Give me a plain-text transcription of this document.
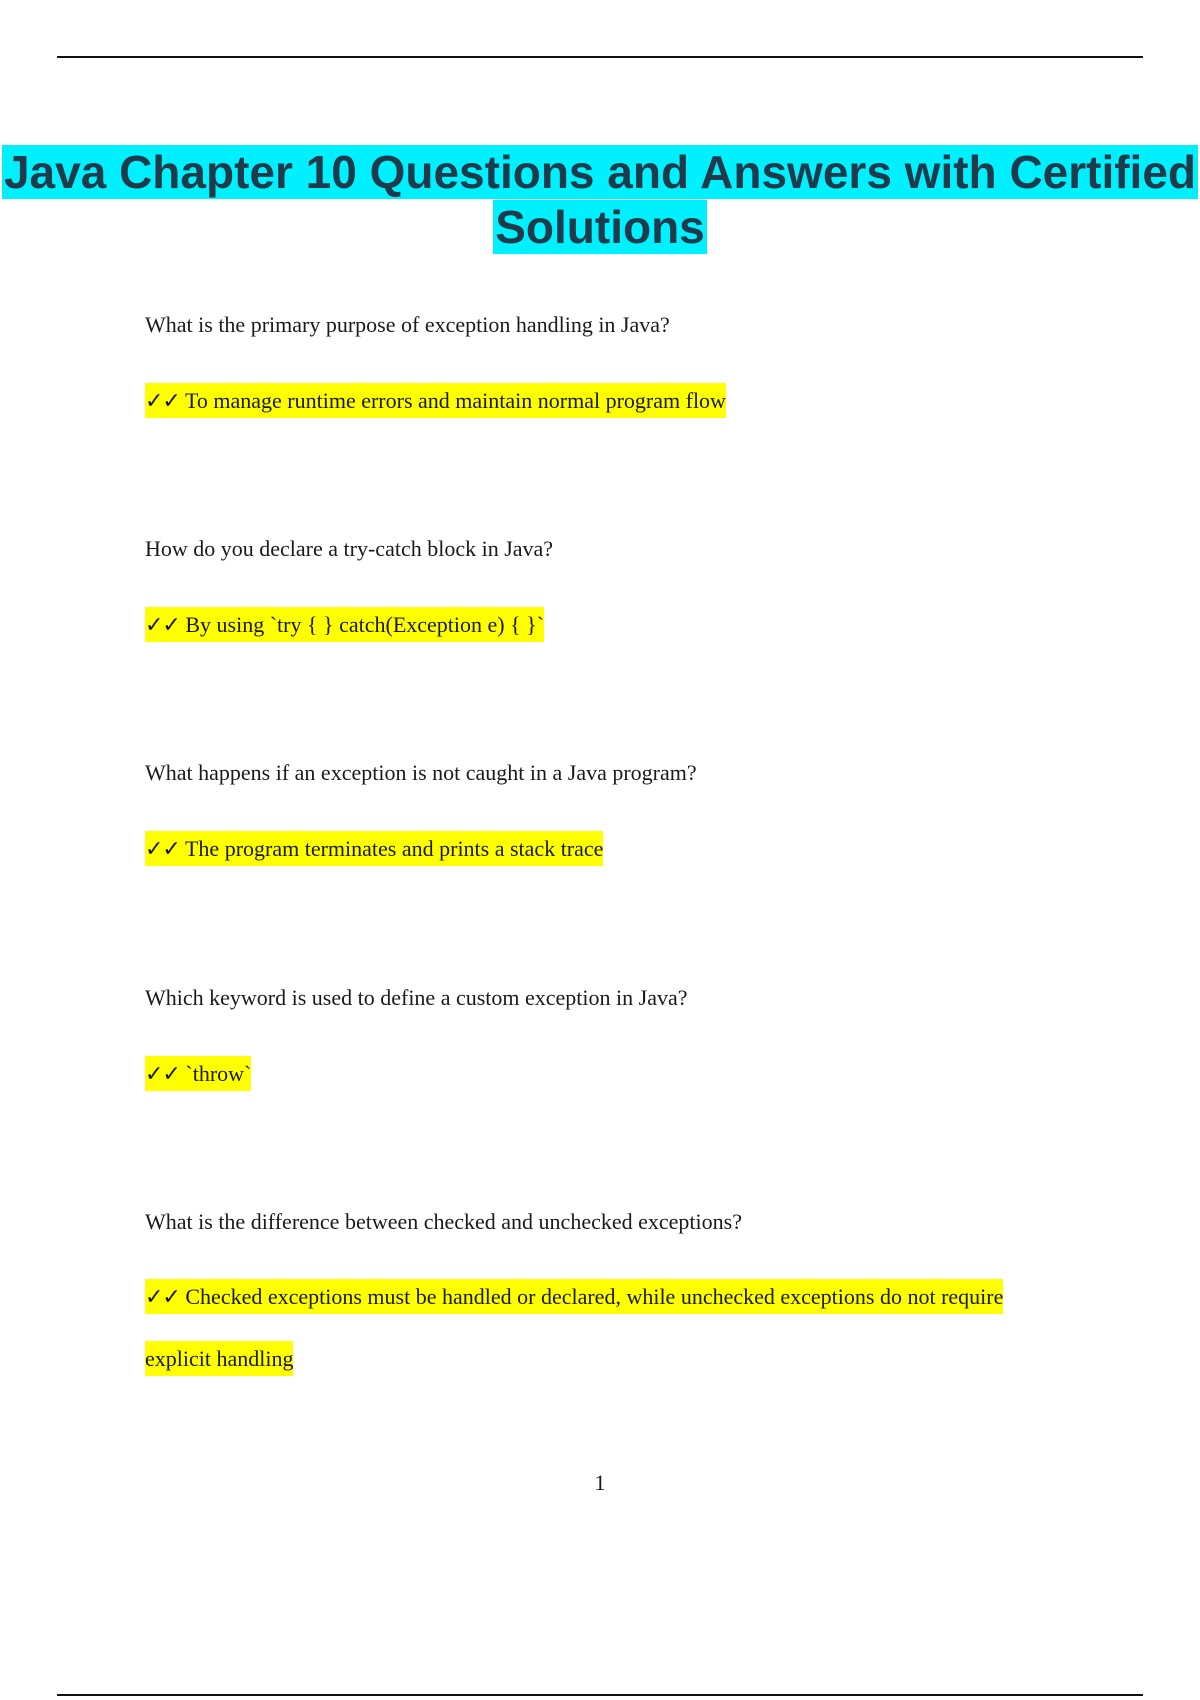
Java Chapter 10 Questions and Answers with Certified Solutions
What is the primary purpose of exception handling in Java?
✓✓ To manage runtime errors and maintain normal program flow
How do you declare a try-catch block in Java?
✓✓ By using `try { } catch(Exception e) { }`
What happens if an exception is not caught in a Java program?
✓✓ The program terminates and prints a stack trace
Which keyword is used to define a custom exception in Java?
✓✓ `throw`
What is the difference between checked and unchecked exceptions?
✓✓ Checked exceptions must be handled or declared, while unchecked exceptions do not require explicit handling
1
